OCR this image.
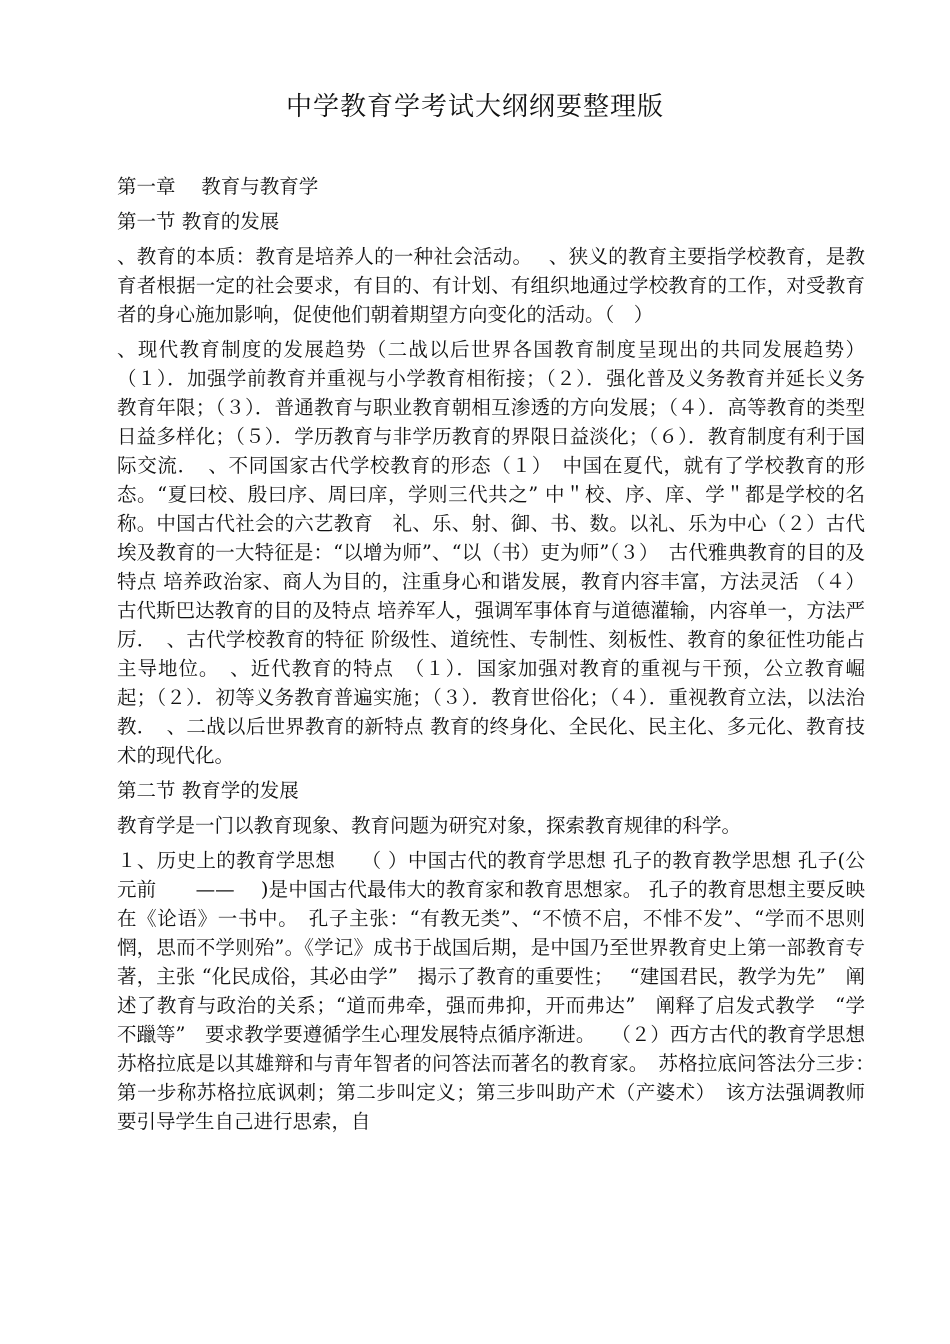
中学教育学考试大纲纲要整理版
第一章　 教育与教育学
第一节 教育的发展
、教育的本质：教育是培养人的一种社会活动。　 、狭义的教育主要指学校教育，是教育者根据一定的社会要求，有目的、有计划、有组织地通过学校教育的工作，对受教育者的身心施加影响，促使他们朝着期望方向变化的活动。（　）
、现代教育制度的发展趋势（二战以后世界各国教育制度呈现出的共同发展趋势）（１）．加强学前教育并重视与小学教育相衔接；（２）．强化普及义务教育并延长义务教育年限；（３）．普通教育与职业教育朝相互渗透的方向发展；（４）．高等教育的类型日益多样化；（５）．学历教育与非学历教育的界限日益淡化；（６）．教育制度有利于国际交流．　、不同国家古代学校教育的形态（１）　中国在夏代，就有了学校教育的形态。“夏曰校、殷曰序、周曰庠，学则三代共之” 中＂校、序、庠、学＂都是学校的名称。中国古代社会的六艺教育　礼、乐、射、御、书、数。以礼、乐为中心（２）古代埃及教育的一大特征是：“以增为师”、“以（书）吏为师”（３）　古代雅典教育的目的及特点 培养政治家、商人为目的，注重身心和谐发展，教育内容丰富，方法灵活 （４）古代斯巴达教育的目的及特点 培养军人，强调军事体育与道德灌输，内容单一，方法严厉．　、古代学校教育的特征 阶级性、道统性、专制性、刻板性、教育的象征性功能占主导地位。　、近代教育的特点　（１）．国家加强对教育的重视与干预，公立教育崛起；（２）．初等义务教育普遍实施；（３）．教育世俗化；（４）．重视教育立法，以法治教．　、二战以后世界教育的新特点 教育的终身化、全民化、民主化、多元化、教育技术的现代化。
第二节 教育学的发展
教育学是一门以教育现象、教育问题为研究对象，探索教育规律的科学。
１、历史上的教育学思想　 （ ）中国古代的教育学思想 孔子的教育教学思想 孔子(公元前　　——　 )是中国古代最伟大的教育家和教育思想家。 孔子的教育思想主要反映在《论语》一书中。　孔子主张：“有教无类”、“不愤不启，不悱不发”、“学而不思则惘，思而不学则殆”。《学记》成书于战国后期，是中国乃至世界教育史上第一部教育专著，主张 “化民成俗，其必由学”　揭示了教育的重要性；　 “建国君民，教学为先”　阐述了教育与政治的关系；“道而弗牵，强而弗抑，开而弗达”　阐释了启发式教学　“学不躐等”　要求教学要遵循学生心理发展特点循序渐进。　 （２）西方古代的教育学思想 苏格拉底是以其雄辩和与青年智者的问答法而著名的教育家。　苏格拉底问答法分三步：　第一步称苏格拉底讽刺；第二步叫定义；第三步叫助产术（产婆术）　该方法强调教师要引导学生自己进行思索，自
